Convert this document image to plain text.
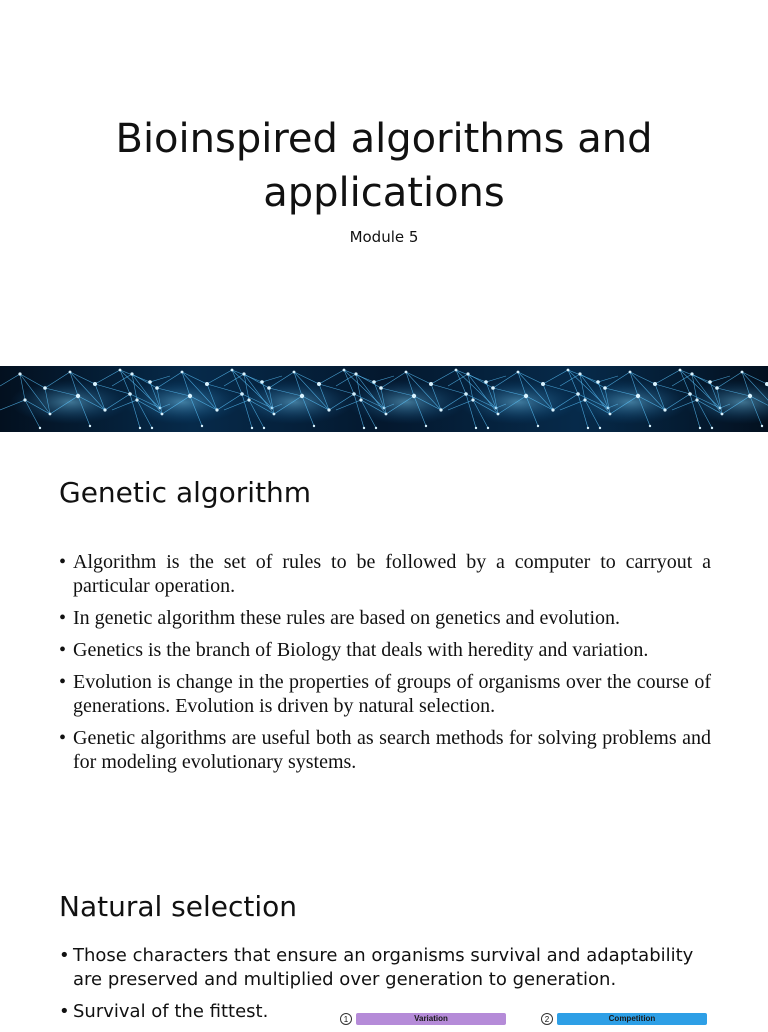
Bioinspired algorithms and
applications
Module 5
Genetic algorithm
• Algorithm is the set of rules to be followed by a computer to carryout a particular operation.
• In genetic algorithm these rules are based on genetics and evolution.
• Genetics is the branch of Biology that deals with heredity and variation.
• Evolution is change in the properties of groups of organisms over the course of generations. Evolution is driven by natural selection.
• Genetic algorithms are useful both as search methods for solving problems and for modeling evolutionary systems.
Natural selection
• Those characters that ensure an organisms survival and adaptability are preserved and multiplied over generation to generation.
• Survival of the fittest.	1	Variation	2	Competition
